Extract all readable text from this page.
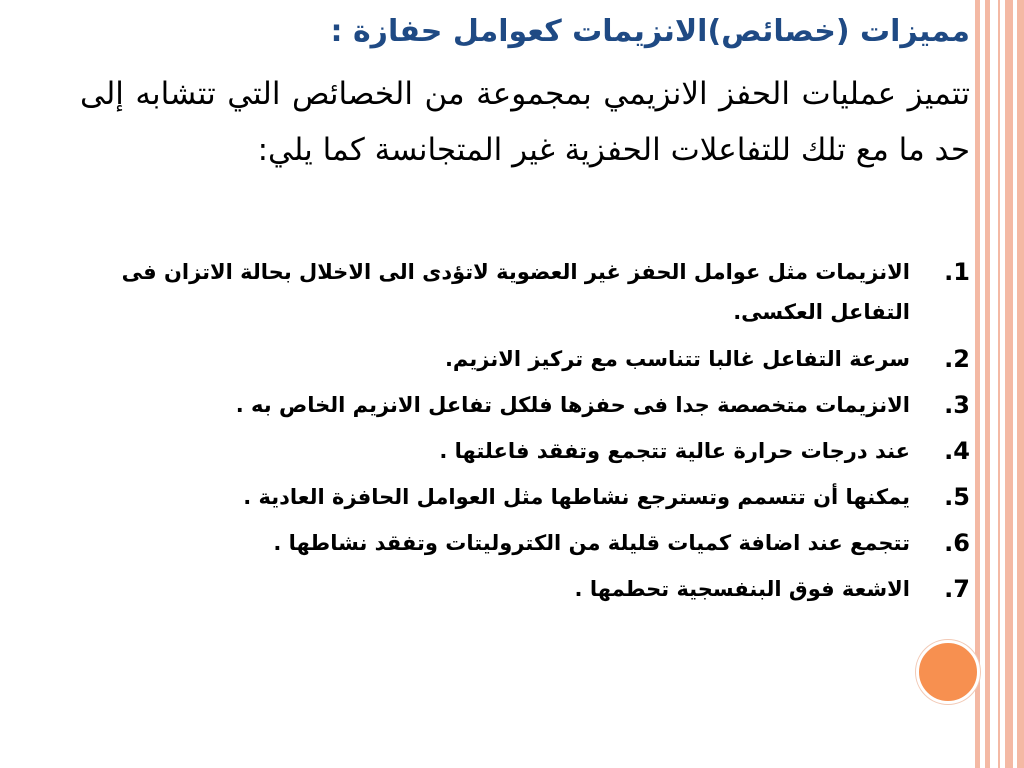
مميزات (خصائص)الانزيمات كعوامل حفازة :

تتميز عمليات الحفز الانزيمي بمجموعة من الخصائص التي تتشابه إلى حد ما مع تلك للتفاعلات الحفزية غير المتجانسة كما يلي:

1.
الانزيمات مثل عوامل الحفز غير العضوية لاتؤدى الى الاخلال بحالة الاتزان فى التفاعل العكسى.
2.
سرعة التفاعل غالبا تتناسب مع تركيز الانزيم.
3.
الانزيمات متخصصة جدا فى حفزها فلكل تفاعل الانزيم الخاص به .
4.
عند درجات حرارة عالية تتجمع وتفقد فاعلتها .
5.
يمكنها أن تتسمم وتسترجع نشاطها مثل العوامل الحافزة العادية .
6.
تتجمع عند اضافة كميات قليلة من الكتروليتات وتفقد نشاطها .
7.
الاشعة فوق البنفسجية تحطمها .
